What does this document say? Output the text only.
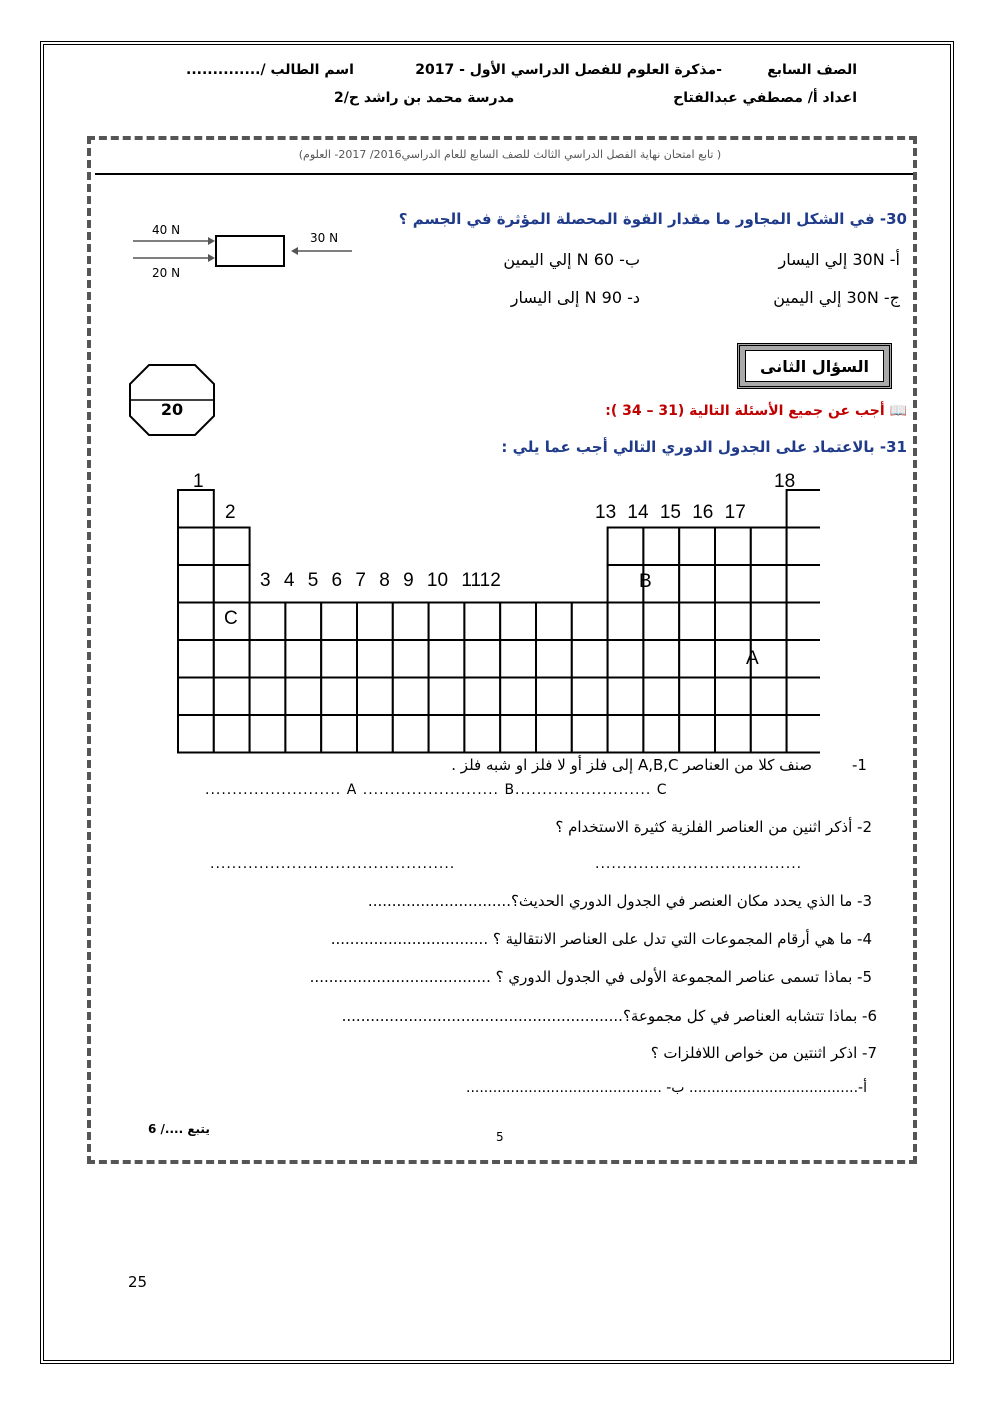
الصف السابع
-مذكرة العلوم للفصل الدراسي الأول - 2017
اسم الطالب /..............
اعداد أ/ مصطفي عبدالفتاح
مدرسة محمد بن راشد ح/2
( تابع امتحان نهاية الفصل الدراسي الثالث للصف السابع للعام الدراسي2016/ 2017- العلوم)
30- في الشكل المجاور ما مقدار القوة المحصلة المؤثرة في الجسم ؟
40 N
20 N
30 N
أ- 30N إلي اليسار
ب- 60 N إلي اليمين
ج- 30N إلي اليمين
د- 90 N إلى اليسار
20
السؤال الثانى
📖 أجب عن جميع الأسئلة التالية (31 – 34 ):
31- بالاعتماد على الجدول الدوري التالي أجب عما يلي :
1
2
3 4 5 6 7 8 9 10 1112
13 14 15 16 17
18
B
C
A
صنف كلا من العناصر A,B,C إلى فلز أو لا فلز او شبه فلز .	-1
A ......................... B......................... C .........................
2- أذكر اثنين من العناصر الفلزية كثيرة الاستخدام ؟
.............................................	......................................
3- ما الذي يحدد مكان العنصر في الجدول الدوري الحديث؟..............................
4- ما هي أرقام المجموعات التي تدل على العناصر الانتقالية ؟ .................................
5- بماذا تسمى عناصر المجموعة الأولى في الجدول الدوري ؟ ......................................
6- بماذا تتشابه العناصر في كل مجموعة؟...........................................................
7- اذكر اثنتين من خواص اللافلزات ؟
أ-...................................... ب- ............................................
يتبع ..../ 6
5
25
